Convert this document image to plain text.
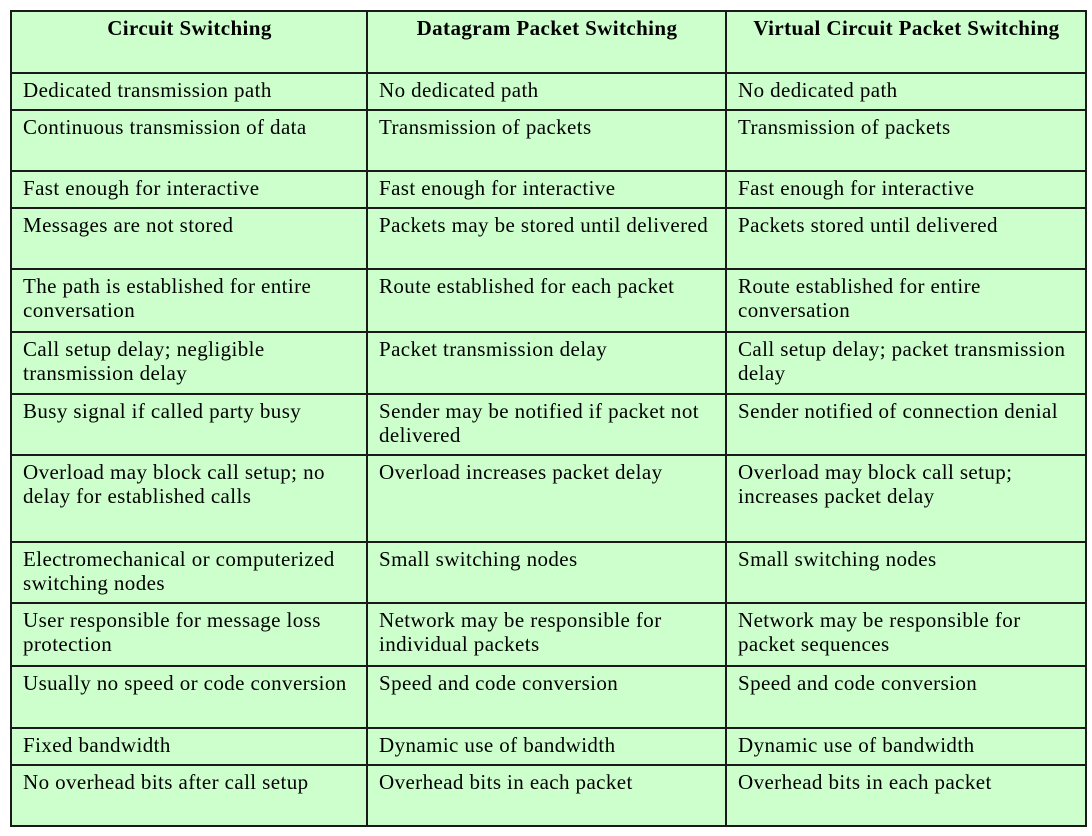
Circuit Switching	Datagram Packet Switching	Virtual Circuit Packet Switching
Dedicated transmission path	No dedicated path	No dedicated path
Continuous transmission of data	Transmission of packets	Transmission of packets
Fast enough for interactive	Fast enough for interactive	Fast enough for interactive
Messages are not stored	Packets may be stored until delivered	Packets stored until delivered
The path is established for entire conversation	Route established for each packet	Route established for entire conversation
Call setup delay; negligible transmission delay	Packet transmission delay	Call setup delay; packet transmission delay
Busy signal if called party busy	Sender may be notified if packet not delivered	Sender notified of connection denial
Overload may block call setup; no delay for established calls	Overload increases packet delay	Overload may block call setup; increases packet delay
Electromechanical or computerized switching nodes	Small switching nodes	Small switching nodes
User responsible for message loss protection	Network may be responsible for individual packets	Network may be responsible for packet sequences
Usually no speed or code conversion	Speed and code conversion	Speed and code conversion
Fixed bandwidth	Dynamic use of bandwidth	Dynamic use of bandwidth
No overhead bits after call setup	Overhead bits in each packet	Overhead bits in each packet
